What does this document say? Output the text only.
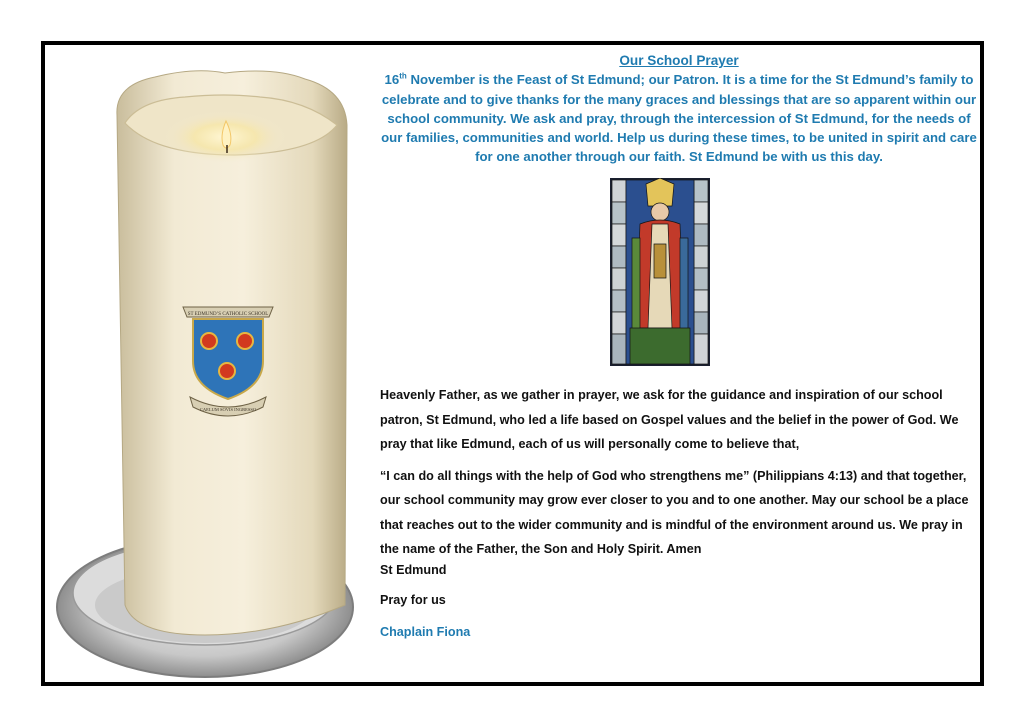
ST EDMUND’S CATHOLIC SCHOOL
CAELUM SOVIS INGRESSO
Our School Prayer
16th November is the Feast of St Edmund; our Patron. It is a time for the St Edmund’s family to celebrate and to give thanks for the many graces and blessings that are so apparent within our school community. We ask and pray, through the intercession of St Edmund, for the needs of our families, communities and world. Help us during these times, to be united in spirit and care for one another through our faith. St Edmund be with us this day.

Heavenly Father, as we gather in prayer, we ask for the guidance and inspiration of our school patron, St Edmund, who led a life based on Gospel values and the belief in the power of God. We pray that like Edmund, each of us will personally come to believe that,

“I can do all things with the help of God who strengthens me” (Philippians 4:13) and that together, our school community may grow ever closer to you and to one another. May our school be a place that reaches out to the wider community and is mindful of the environment around us. We pray in the name of the Father, the Son and Holy Spirit. Amen

St Edmund
Pray for us
Chaplain Fiona
